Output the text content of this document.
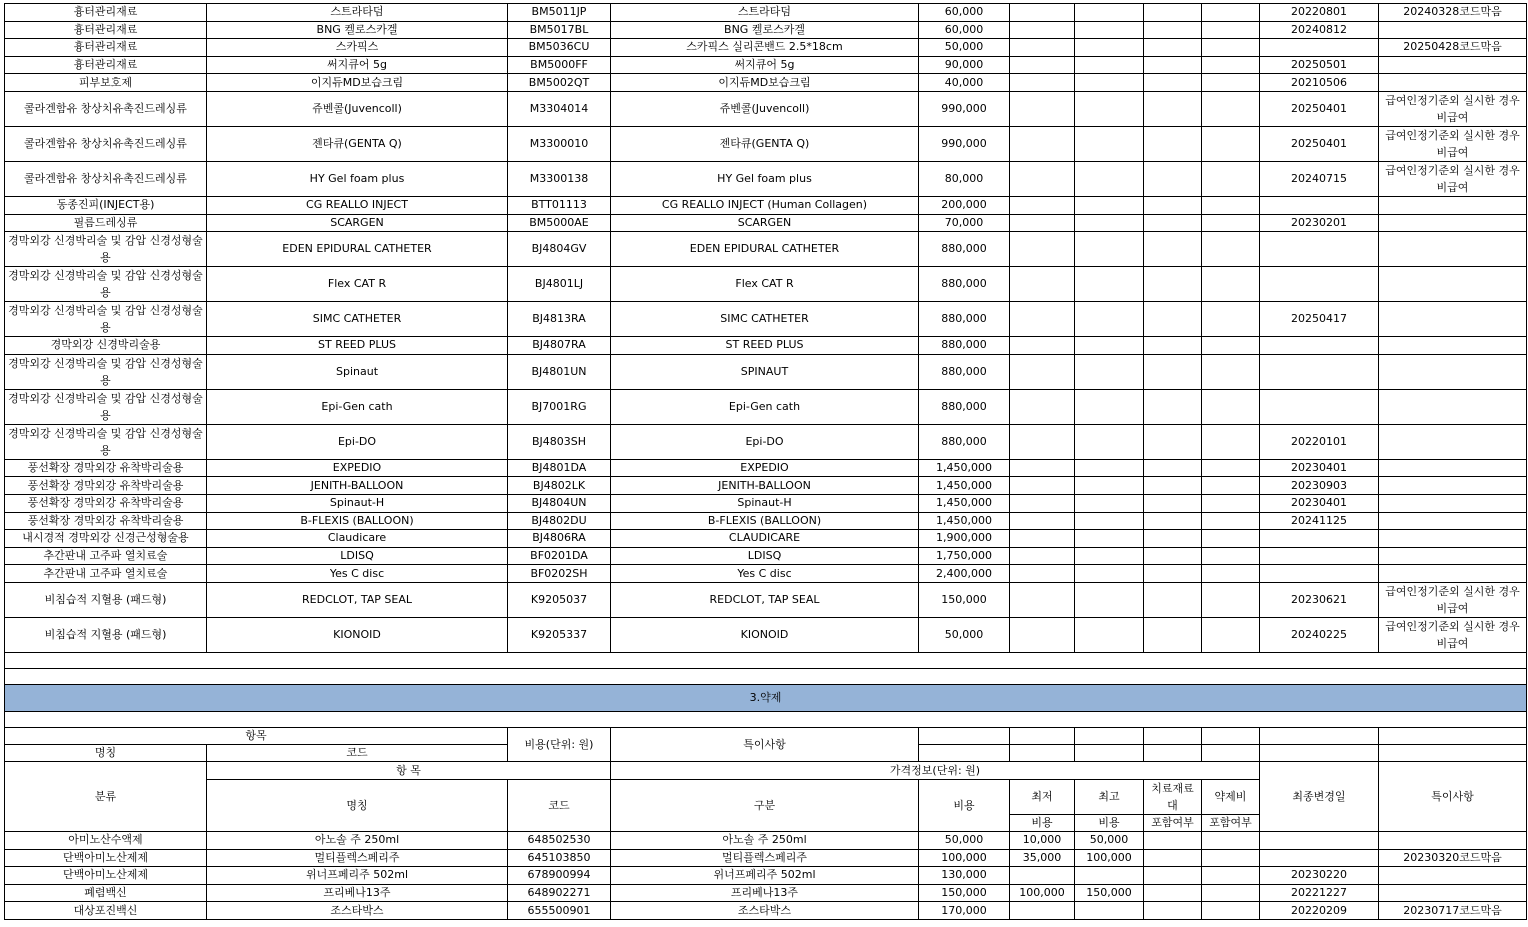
흉터관리재료	스트라타덤	BM5011JP	스트라타덤	60,000					20220801	20240328코드막음
흉터관리재료	BNG 켈로스카겔	BM5017BL	BNG 켈로스카겔	60,000					20240812	
흉터관리재료	스카픽스	BM5036CU	스카픽스 실리콘밴드 2.5*18cm	50,000						20250428코드막음
흉터관리재료	써지큐어 5g	BM5000FF	써지큐어 5g	90,000					20250501	
피부보호제	이지듀MD보습크림	BM5002QT	이지듀MD보습크림	40,000					20210506	
콜라겐함유 창상치유촉진드레싱류	쥬벤콜(Juvencoll)	M3304014	쥬벤콜(Juvencoll)	990,000					20250401	급여인정기준외 실시한 경우 비급여
콜라겐함유 창상치유촉진드레싱류	젠타큐(GENTA Q)	M3300010	젠타큐(GENTA Q)	990,000					20250401	급여인정기준외 실시한 경우 비급여
콜라겐함유 창상치유촉진드레싱류	HY Gel foam plus	M3300138	HY Gel foam plus	80,000					20240715	급여인정기준외 실시한 경우 비급여
동종진피(INJECT용)	CG REALLO INJECT	BTT01113	CG REALLO INJECT (Human Collagen)	200,000						
필름드레싱류	SCARGEN	BM5000AE	SCARGEN	70,000					20230201	
경막외강 신경박리술 및 감압 신경성형술용	EDEN EPIDURAL CATHETER	BJ4804GV	EDEN EPIDURAL CATHETER	880,000						
경막외강 신경박리술 및 감압 신경성형술용	Flex CAT R	BJ4801LJ	Flex CAT R	880,000						
경막외강 신경박리술 및 감압 신경성형술용	SIMC CATHETER	BJ4813RA	SIMC CATHETER	880,000					20250417	
경막외강 신경박리술용	ST REED PLUS	BJ4807RA	ST REED PLUS	880,000						
경막외강 신경박리술 및 감압 신경성형술용	Spinaut	BJ4801UN	SPINAUT	880,000						
경막외강 신경박리술 및 감압 신경성형술용	Epi-Gen cath	BJ7001RG	Epi-Gen cath	880,000						
경막외강 신경박리술 및 감압 신경성형술용	Epi-DO	BJ4803SH	Epi-DO	880,000					20220101	
풍선확장 경막외강 유착박리술용	EXPEDIO	BJ4801DA	EXPEDIO	1,450,000					20230401	
풍선확장 경막외강 유착박리술용	JENITH-BALLOON	BJ4802LK	JENITH-BALLOON	1,450,000					20230903	
풍선확장 경막외강 유착박리술용	Spinaut-H	BJ4804UN	Spinaut-H	1,450,000					20230401	
풍선확장 경막외강 유착박리술용	B-FLEXIS (BALLOON)	BJ4802DU	B-FLEXIS (BALLOON)	1,450,000					20241125	
내시경적 경막외강 신경근성형술용	Claudicare	BJ4806RA	CLAUDICARE	1,900,000						
추간판내 고주파 열치료술	LDISQ	BF0201DA	LDISQ	1,750,000						
추간판내 고주파 열치료술	Yes C disc	BF0202SH	Yes C disc	2,400,000						
비침습적 지혈용 (패드형)	REDCLOT, TAP SEAL	K9205037	REDCLOT, TAP SEAL	150,000					20230621	급여인정기준외 실시한 경우 비급여
비침습적 지혈용 (패드형)	KIONOID	K9205337	KIONOID	50,000					20240225	급여인정기준외 실시한 경우 비급여

3.약제										

항목		비용(단위: 원)	특이사항							
명칭	코드									
분류	항 목		가격정보(단위: 원)						최종변경일	특이사항
	명칭	코드	구분	비용	최저	최고	치료재료대	약제비		
					비용	비용	포함여부	포함여부		
아미노산수액제	아노솔 주 250ml	648502530	아노솔 주 250ml	50,000	10,000	50,000				
단백아미노산제제	멀티플렉스페리주	645103850	멀티플렉스페리주	100,000	35,000	100,000				20230320코드막음
단백아미노산제제	위너프페리주 502ml	678900994	위너프페리주 502ml	130,000					20230220	
폐렴백신	프리베나13주	648902271	프리베나13주	150,000	100,000	150,000			20221227	
대상포진백신	조스타박스	655500901	조스타박스	170,000					20220209	20230717코드막음
